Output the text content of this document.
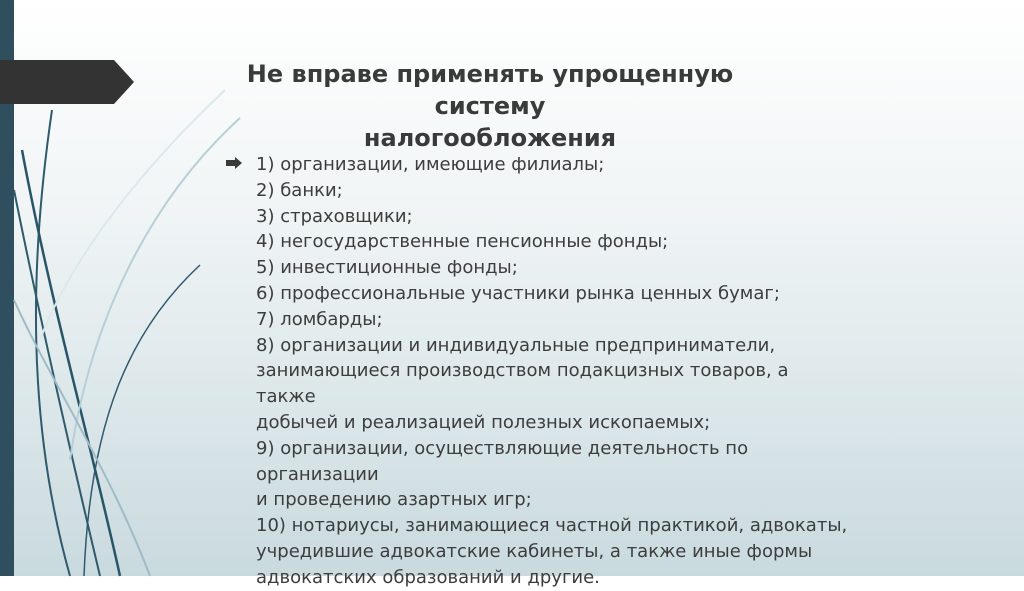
Не вправе применять упрощенную систему
налогообложения
1) организации, имеющие филиалы;
2) банки;
3) страховщики;
4) негосударственные пенсионные фонды;
5) инвестиционные фонды;
6) профессиональные участники рынка ценных бумаг;
7) ломбарды;
8) организации и индивидуальные предприниматели,
занимающиеся производством подакцизных товаров, а
также
добычей и реализацией полезных ископаемых;
9) организации, осуществляющие деятельность по
организации
и проведению азартных игр;
10) нотариусы, занимающиеся частной практикой, адвокаты,
учредившие адвокатские кабинеты, а также иные формы
адвокатских образований и другие.
